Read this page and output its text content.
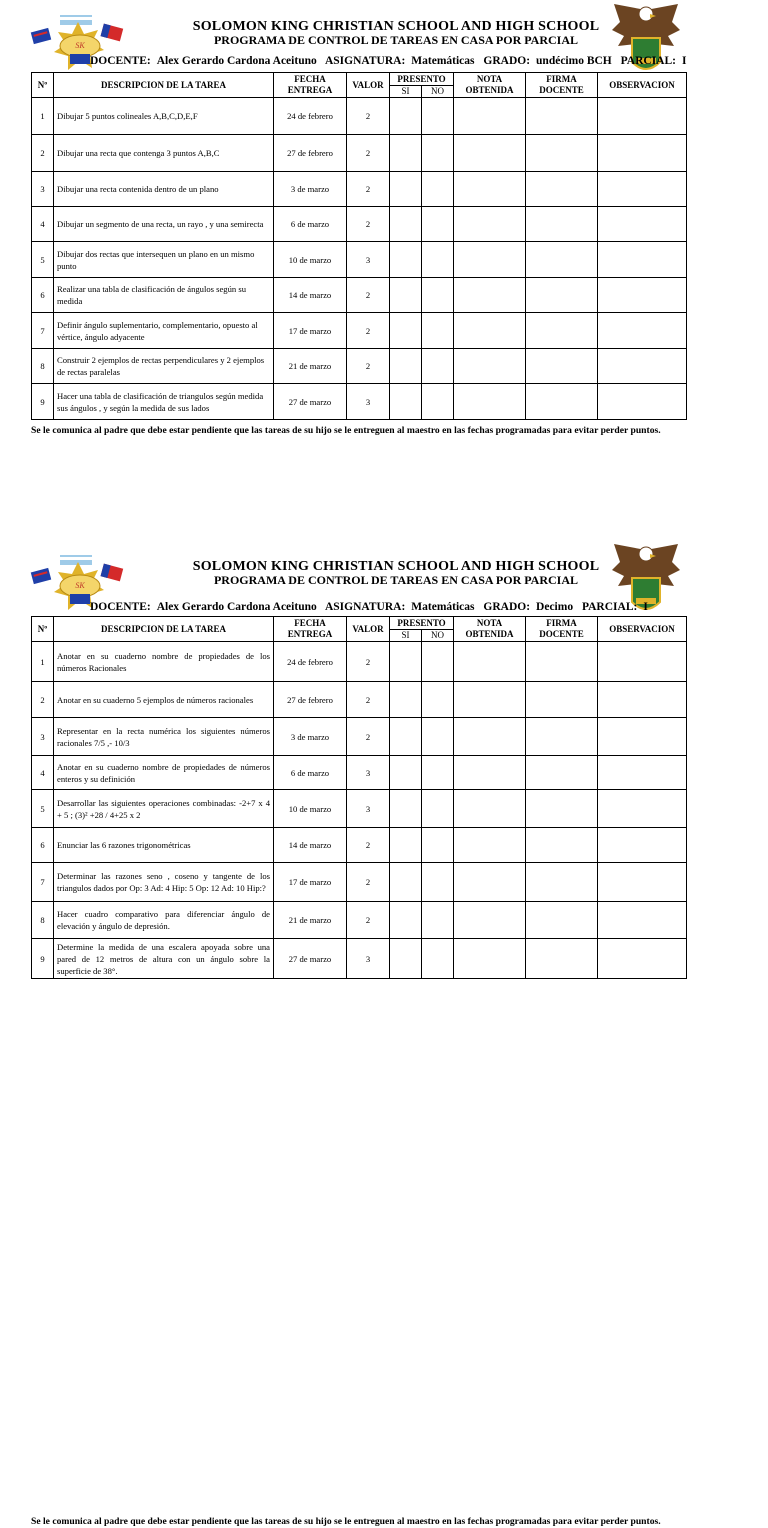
SK
SOLOMON KING CHRISTIAN SCHOOL AND HIGH SCHOOL
PROGRAMA DE CONTROL DE TAREAS EN CASA POR PARCIAL
DOCENTE: Alex Gerardo Cardona Aceituno ASIGNATURA: Matemáticas GRADO: undécimo BCH PARCIAL: I
Nº	DESCRIPCION DE LA TAREA	FECHA ENTREGA	VALOR	PRESENTO		NOTA OBTENIDA	FIRMA DOCENTE	OBSERVACION
				SI	NO			
1	Dibujar 5 puntos colineales A,B,C,D,E,F	24 de febrero	2					
2	Dibujar una recta que contenga 3 puntos A,B,C	27 de febrero	2					
3	Dibujar una recta contenida dentro de un plano	3 de marzo	2					
4	Dibujar un segmento de una recta, un rayo , y una semirecta	6 de marzo	2					
5	Dibujar dos rectas que intersequen un plano en un mismo punto	10 de marzo	3					
6	Realizar una tabla de clasificación de ángulos según su medida	14 de marzo	2					
7	Definir ángulo suplementario, complementario, opuesto al vértice, ángulo adyacente	17 de marzo	2					
8	Construir 2 ejemplos de rectas perpendiculares y 2 ejemplos de rectas paralelas	21 de marzo	2					
9	Hacer una tabla de clasificación de triangulos según medida sus ángulos , y según la medida de sus lados	27 de marzo	3					
Se le comunica al padre que debe estar pendiente que las tareas de su hijo se le entreguen al maestro en las fechas programadas para evitar perder puntos.
SK
SOLOMON KING CHRISTIAN SCHOOL AND HIGH SCHOOL
PROGRAMA DE CONTROL DE TAREAS EN CASA POR PARCIAL
DOCENTE: Alex Gerardo Cardona Aceituno ASIGNATURA: Matemáticas GRADO: Decimo PARCIAL: I
Nº	DESCRIPCION DE LA TAREA	FECHA ENTREGA	VALOR	PRESENTO		NOTA OBTENIDA	FIRMA DOCENTE	OBSERVACION
				SI	NO			
1	Anotar en su cuaderno nombre de propiedades de los números Racionales	24 de febrero	2					
2	Anotar en su cuaderno 5 ejemplos de números racionales	27 de febrero	2					
3	Representar en la recta numérica los siguientes números racionales 7/5 ,- 10/3	3 de marzo	2					
4	Anotar en su cuaderno nombre de propiedades de números enteros y su definición	6 de marzo	3					
5	Desarrollar las siguientes operaciones combinadas: -2+7 x 4 + 5 ; (3)² +28 / 4+25 x 2	10 de marzo	3					
6	Enunciar las 6 razones trigonométricas	14 de marzo	2					
7	Determinar las razones seno , coseno y tangente de los triangulos dados por Op: 3 Ad: 4 Hip: 5 Op: 12 Ad: 10 Hip:?	17 de marzo	2					
8	Hacer cuadro comparativo para diferenciar ángulo de elevación y ángulo de depresión.	21 de marzo	2					
9	Determine la medida de una escalera apoyada sobre una pared de 12 metros de altura con un ángulo sobre la superficie de 38°.	27 de marzo	3					
Se le comunica al padre que debe estar pendiente que las tareas de su hijo se le entreguen al maestro en las fechas programadas para evitar perder puntos.
